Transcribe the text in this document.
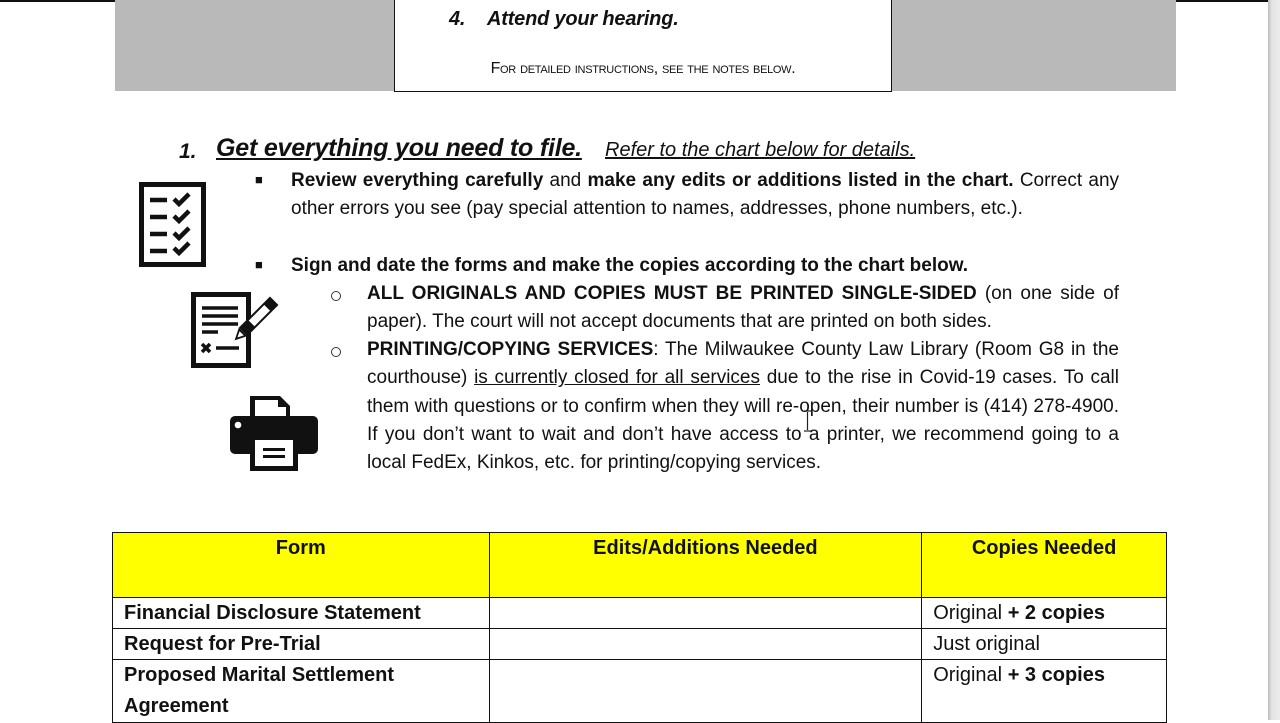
4. Attend your hearing.
For detailed instructions, see the notes below.
1. Get everything you need to file. Refer to the chart below for details.
■ Review everything carefully and make any edits or additions listed in the chart. Correct any other errors you see (pay special attention to names, addresses, phone numbers, etc.).
■ Sign and date the forms and make the copies according to the chart below.
ALL ORIGINALS AND COPIES MUST BE PRINTED SINGLE-SIDED (on one side of paper). The court will not accept documents that are printed on both sides.
PRINTING/COPYING SERVICES: The Milwaukee County Law Library (Room G8 in the courthouse) is currently closed for all services due to the rise in Covid-19 cases. To call them with questions or to confirm when they will re-open, their number is (414) 278-4900. If you don’t want to wait and don’t have access to a printer, we recommend going to a local FedEx, Kinkos, etc. for printing/copying services.
Form	Edits/Additions Needed	Copies Needed
Financial Disclosure Statement		Original + 2 copies
Request for Pre-Trial		Just original
Proposed Marital Settlement Agreement		Original + 3 copies
